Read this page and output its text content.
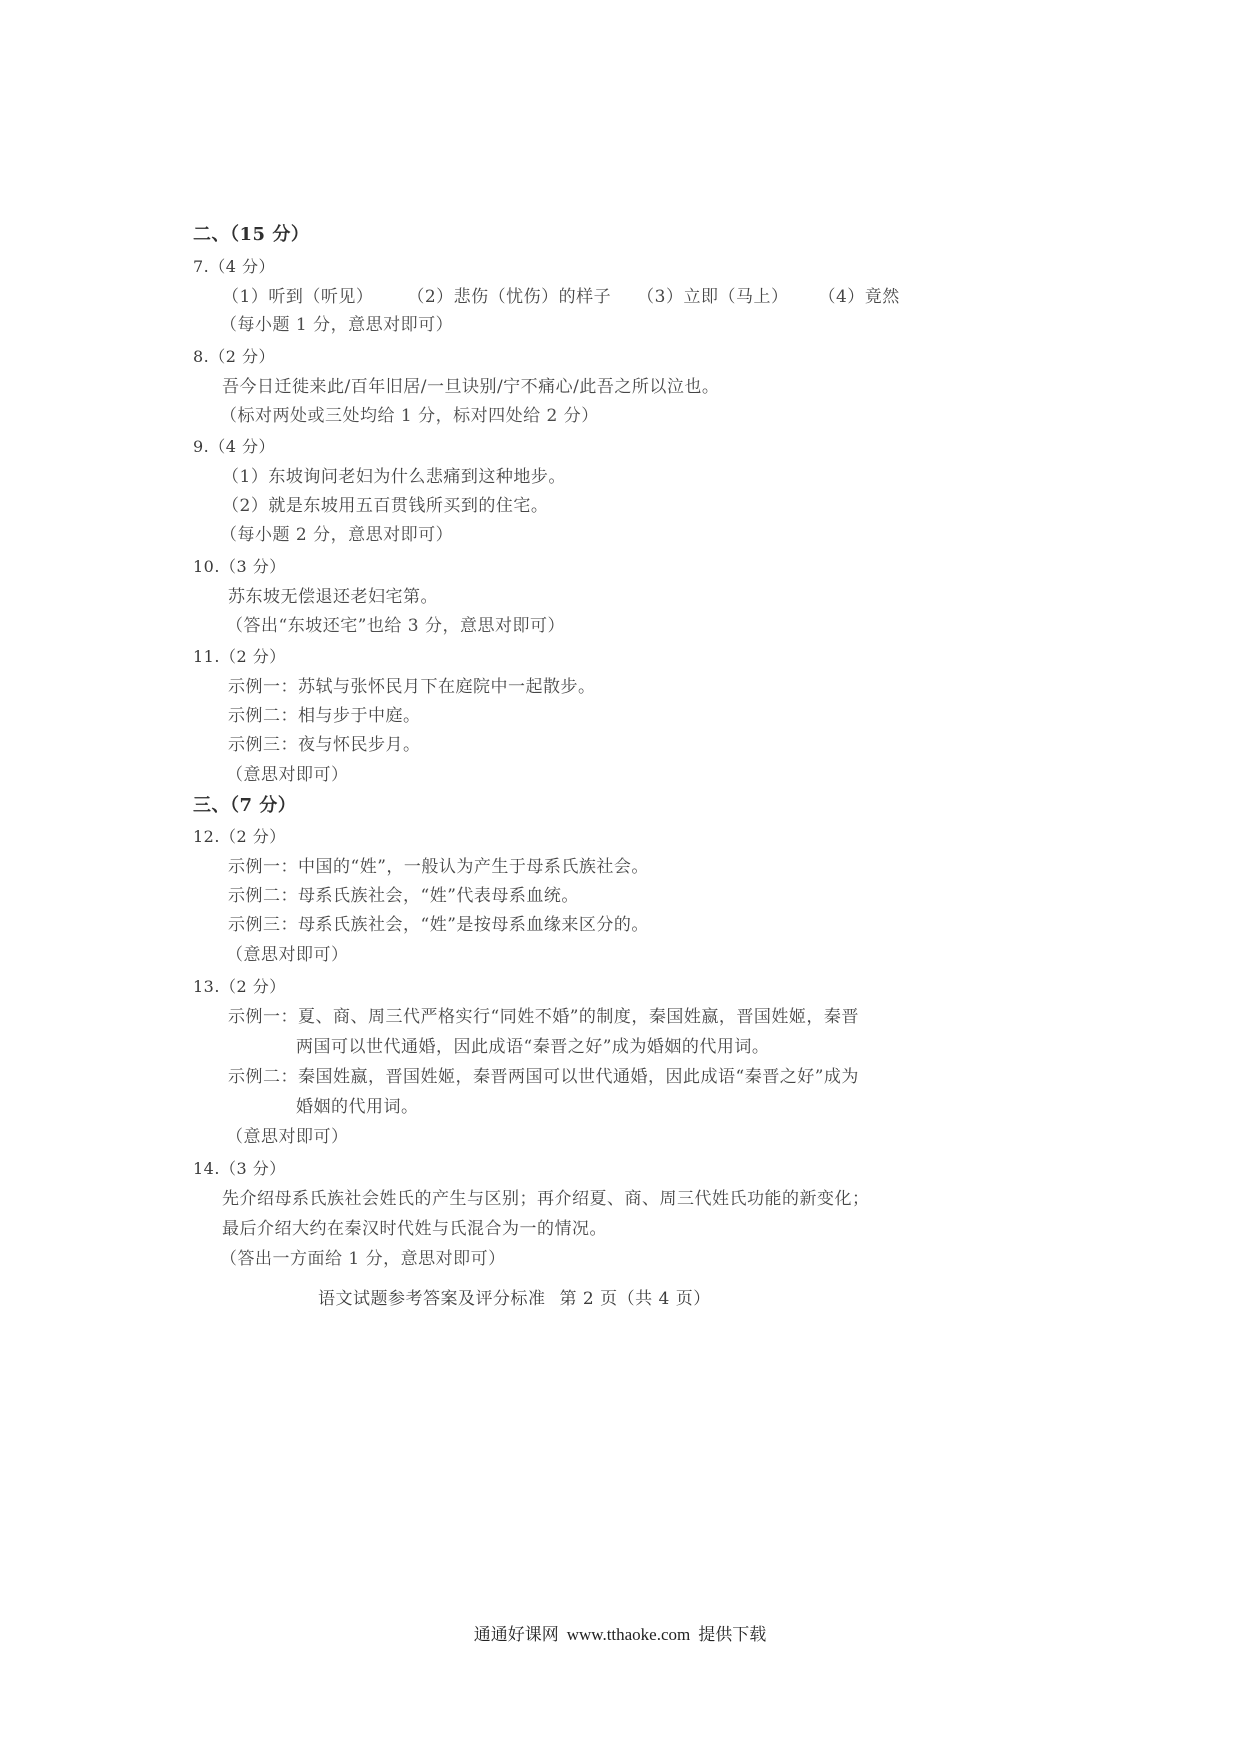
二、（15 分）
7.（4 分）
（1）听到（听见） （2）悲伤（忧伤）的样子 （3）立即（马上） （4）竟然
（每小题 1 分，意思对即可）
8.（2 分）
吾今日迁徙来此/百年旧居/一旦诀别/宁不痛心/此吾之所以泣也。
（标对两处或三处均给 1 分，标对四处给 2 分）
9.（4 分）
（1）东坡询问老妇为什么悲痛到这种地步。
（2）就是东坡用五百贯钱所买到的住宅。
（每小题 2 分，意思对即可）
10.（3 分）
苏东坡无偿退还老妇宅第。
（答出“东坡还宅”也给 3 分，意思对即可）
11.（2 分）
示例一：苏轼与张怀民月下在庭院中一起散步。
示例二：相与步于中庭。
示例三：夜与怀民步月。
（意思对即可）
三、（7 分）
12.（2 分）
示例一：中国的“姓”，一般认为产生于母系氏族社会。
示例二：母系氏族社会，“姓”代表母系血统。
示例三：母系氏族社会，“姓”是按母系血缘来区分的。
（意思对即可）
13.（2 分）
示例一：夏、商、周三代严格实行“同姓不婚”的制度，秦国姓嬴，晋国姓姬，秦晋
两国可以世代通婚，因此成语“秦晋之好”成为婚姻的代用词。
示例二：秦国姓嬴，晋国姓姬，秦晋两国可以世代通婚，因此成语“秦晋之好”成为
婚姻的代用词。
（意思对即可）
14.（3 分）
先介绍母系氏族社会姓氏的产生与区别；再介绍夏、商、周三代姓氏功能的新变化；
最后介绍大约在秦汉时代姓与氏混合为一的情况。
（答出一方面给 1 分，意思对即可）
语文试题参考答案及评分标准 第 2 页（共 4 页）
通通好课网 www.tthaoke.com 提供下载
